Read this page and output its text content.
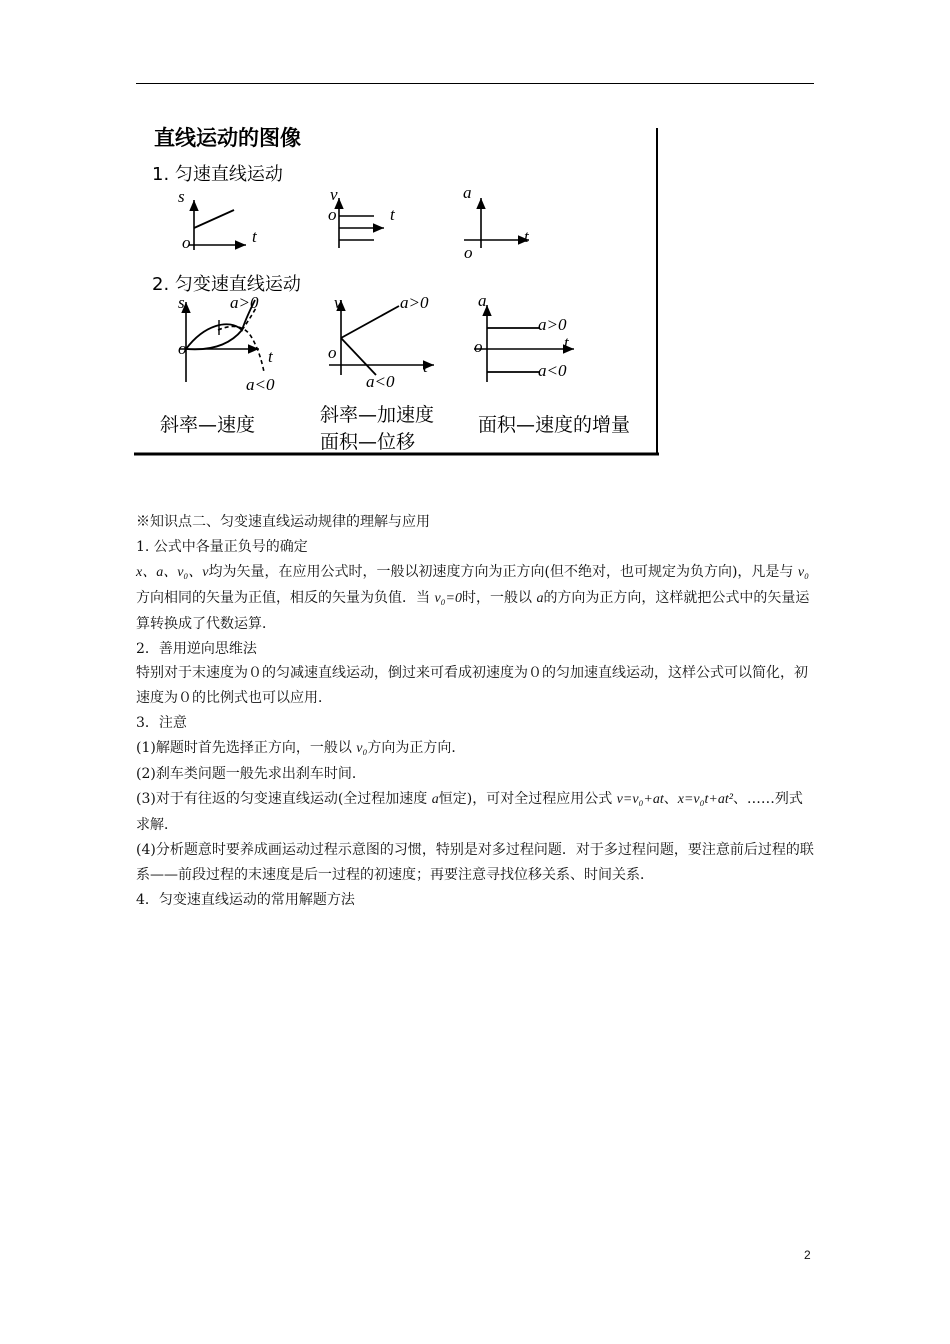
直线运动的图像
1. 匀速直线运动
2. 匀变速直线运动
s
t
o
v
o	t
a
o
t
s	a>0
o	t
a<0
v	a>0
o
t
a<0
a
a>0
o	t
a<0
斜率—速度	斜率—加速度
面积—位移
面积—速度的增量

※知识点二、匀变速直线运动规律的理解与应用

1. 公式中各量正负号的确定

x、a、v₀、v均为矢量，在应用公式时，一般以初速度方向为正方向(但不绝对，也可规定为负方向)，凡是与 v₀方向相同的矢量为正值，相反的矢量为负值．当 v₀=0时，一般以 a的方向为正方向，这样就把公式中的矢量运算转换成了代数运算．

2．善用逆向思维法

特别对于末速度为０的匀减速直线运动，倒过来可看成初速度为０的匀加速直线运动，这样公式可以简化，初速度为０的比例式也可以应用．

3．注意

(1)解题时首先选择正方向，一般以 v₀方向为正方向．

(2)刹车类问题一般先求出刹车时间．

(3)对于有往返的匀变速直线运动(全过程加速度 a恒定)，可对全过程应用公式 v=v₀+at、x=v₀t+at²、……列式求解．

(4)分析题意时要养成画运动过程示意图的习惯，特别是对多过程问题．对于多过程问题，要注意前后过程的联系——前段过程的末速度是后一过程的初速度；再要注意寻找位移关系、时间关系．

4．匀变速直线运动的常用解题方法

2
